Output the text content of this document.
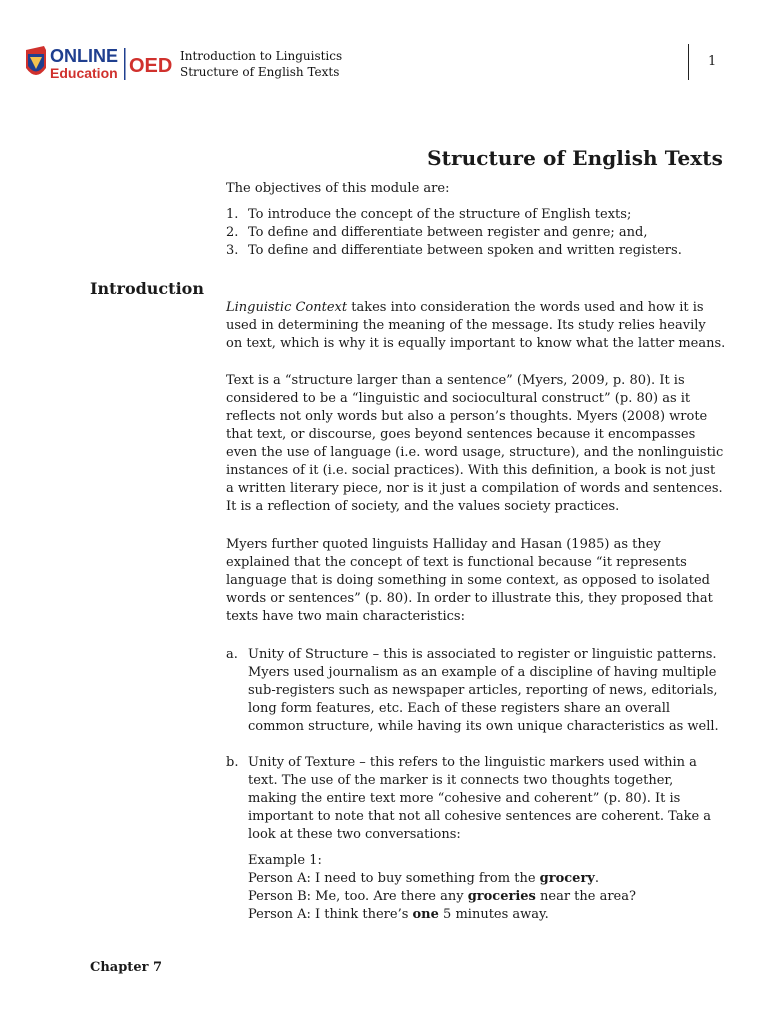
ONLINE
Education OED Introduction to Linguistics
Structure of English Texts
1
Structure of English Texts

The objectives of this module are:

1. To introduce the concept of the structure of English texts;
2. To define and differentiate between register and genre; and,
3. To define and differentiate between spoken and written registers.
Introduction

Linguistic Context takes into consideration the words used and how it is used in determining the meaning of the message. Its study relies heavily on text, which is why it is equally important to know what the latter means.

Text is a “structure larger than a sentence” (Myers, 2009, p. 80). It is considered to be a “linguistic and sociocultural construct” (p. 80) as it reflects not only words but also a person’s thoughts. Myers (2008) wrote that text, or discourse, goes beyond sentences because it encompasses even the use of language (i.e. word usage, structure), and the nonlinguistic instances of it (i.e. social practices). With this definition, a book is not just a written literary piece, nor is it just a compilation of words and sentences. It is a reflection of society, and the values society practices.

Myers further quoted linguists Halliday and Hasan (1985) as they explained that the concept of text is functional because “it represents language that is doing something in some context, as opposed to isolated words or sentences” (p. 80). In order to illustrate this, they proposed that texts have two main characteristics:

a. Unity of Structure – this is associated to register or linguistic patterns. Myers used journalism as an example of a discipline of having multiple sub-registers such as newspaper articles, reporting of news, editorials, long form features, etc. Each of these registers share an overall common structure, while having its own unique characteristics as well.
b. Unity of Texture – this refers to the linguistic markers used within a text. The use of the marker is it connects two thoughts together, making the entire text more “cohesive and coherent” (p. 80). It is important to note that not all cohesive sentences are coherent. Take a look at these two conversations:
Example 1:
Person A: I need to buy something from the grocery.
Person B: Me, too. Are there any groceries near the area?
Person A: I think there’s one 5 minutes away.
Chapter 7
